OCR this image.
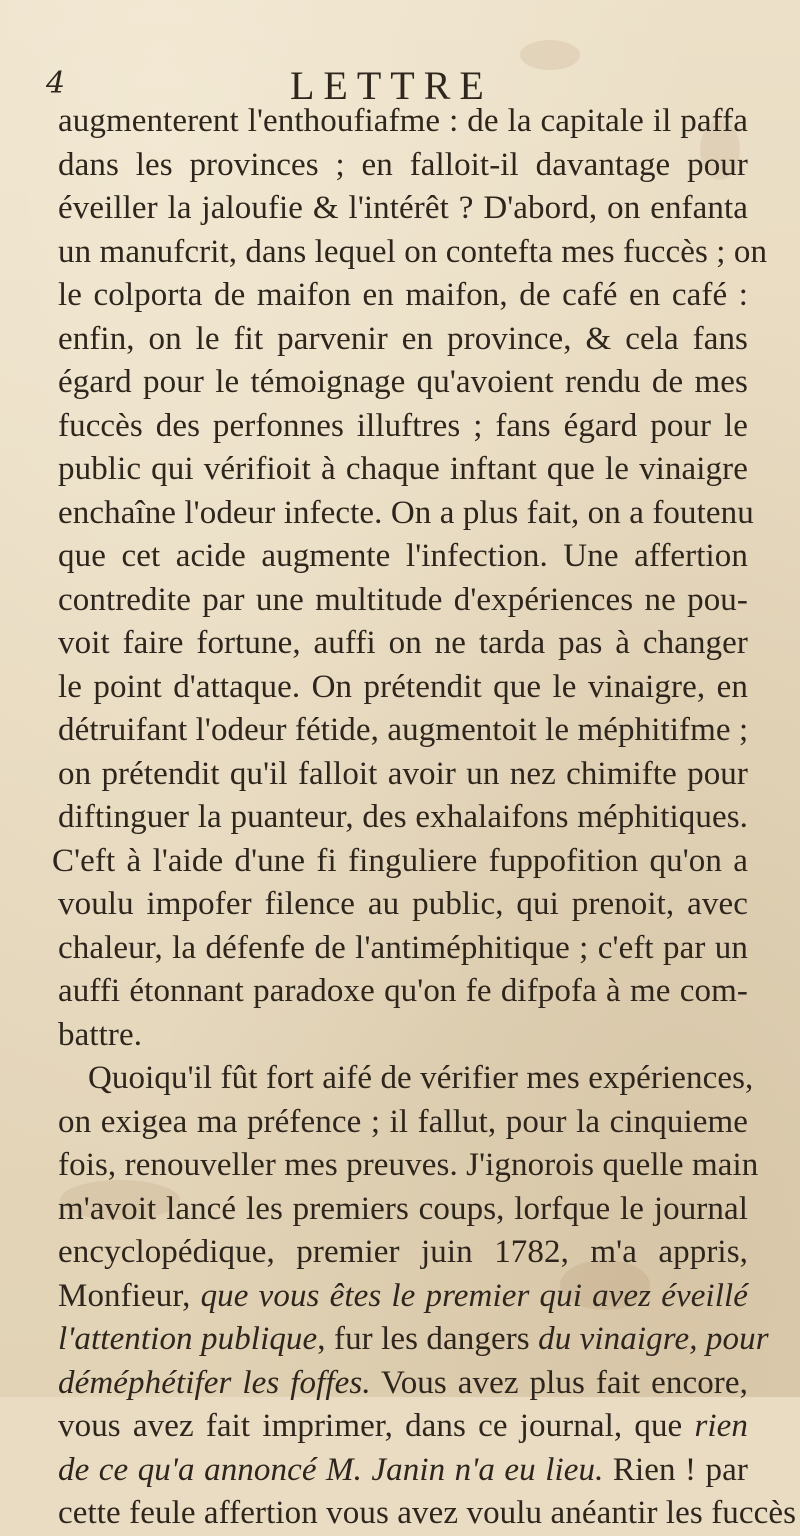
4	LETTRE
augmenterent l'enthoufiafme : de la capitale il paffa
dans les provinces ; en falloit-il davantage pour
éveiller la jaloufie & l'intérêt ? D'abord, on enfanta
un manufcrit, dans lequel on contefta mes fuccès ; on
le colporta de maifon en maifon, de café en café :
enfin, on le fit parvenir en province, & cela fans
égard pour le témoignage qu'avoient rendu de mes
fuccès des perfonnes illuftres ; fans égard pour le
public qui vérifioit à chaque inftant que le vinaigre
enchaîne l'odeur infecte. On a plus fait, on a foutenu
que cet acide augmente l'infection. Une affertion
contredite par une multitude d'expériences ne pou-
voit faire fortune, auffi on ne tarda pas à changer
le point d'attaque. On prétendit que le vinaigre, en
détruifant l'odeur fétide, augmentoit le méphitifme ;
on prétendit qu'il falloit avoir un nez chimifte pour
diftinguer la puanteur, des exhalaifons méphitiques.
C'eft à l'aide d'une fi finguliere fuppofition qu'on a
voulu impofer filence au public, qui prenoit, avec
chaleur, la défenfe de l'antiméphitique ; c'eft par un
auffi étonnant paradoxe qu'on fe difpofa à me com-
battre.
Quoiqu'il fût fort aifé de vérifier mes expériences,
on exigea ma préfence ; il fallut, pour la cinquieme
fois, renouveller mes preuves. J'ignorois quelle main
m'avoit lancé les premiers coups, lorfque le journal
encyclopédique, premier juin 1782, m'a appris,
Monfieur, que vous êtes le premier qui avez éveillé
l'attention publique, fur les dangers du vinaigre, pour
déméphétifer les foffes. Vous avez plus fait encore,
vous avez fait imprimer, dans ce journal, que rien
de ce qu'a annoncé M. Janin n'a eu lieu. Rien ! par
cette feule affertion vous avez voulu anéantir les fuccès
